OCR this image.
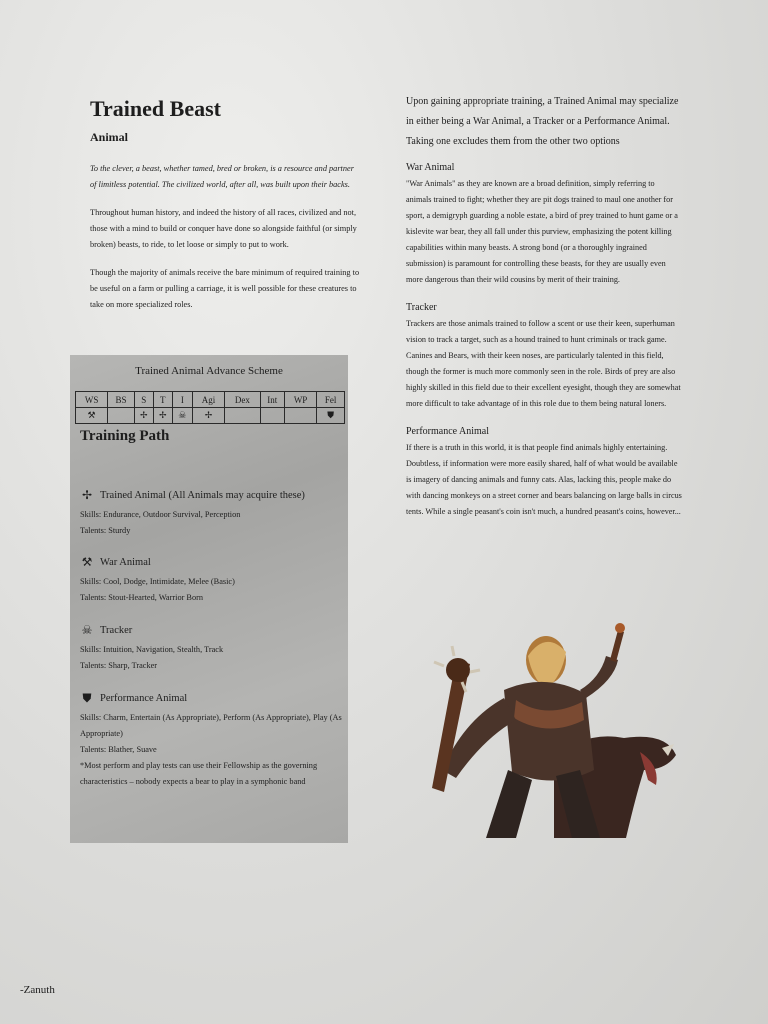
Trained Beast
Animal

To the clever, a beast, whether tamed, bred or broken, is a resource and partner of limitless potential. The civilized world, after all, was built upon their backs.

Throughout human history, and indeed the history of all races, civilized and not, those with a mind to build or conquer have done so alongside faithful (or simply broken) beasts, to ride, to let loose or simply to put to work.

Though the majority of animals receive the bare minimum of required training to be useful on a farm or pulling a carriage, it is well possible for these creatures to take on more specialized roles.

Trained Animal Advance Scheme
WS	BS	S	T	I	Agi	Dex	Int	WP	Fel
⚒		✢	✢	☠	✢				⛊
Training Path
✢ Trained Animal (All Animals may acquire these)
Skills: Endurance, Outdoor Survival, Perception
Talents: Sturdy
⚒ War Animal
Skills: Cool, Dodge, Intimidate, Melee (Basic)
Talents: Stout-Hearted, Warrior Born
☠ Tracker
Skills: Intuition, Navigation, Stealth, Track
Talents: Sharp, Tracker
⛊ Performance Animal
Skills: Charm, Entertain (As Appropriate), Perform (As Appropriate), Play (As Appropriate)
Talents: Blather, Suave
*Most perform and play tests can use their Fellowship as the governing characteristics – nobody expects a bear to play in a symphonic band

Upon gaining appropriate training, a Trained Animal may specialize in either being a War Animal, a Tracker or a Performance Animal. Taking one excludes them from the other two options

War Animal

"War Animals" as they are known are a broad definition, simply referring to animals trained to fight; whether they are pit dogs trained to maul one another for sport, a demigryph guarding a noble estate, a bird of prey trained to hunt game or a kislevite war bear, they all fall under this purview, emphasizing the potent killing capabilities within many beasts. A strong bond (or a thoroughly ingrained submission) is paramount for controlling these beasts, for they are usually even more dangerous than their wild cousins by merit of their training.

Tracker

Trackers are those animals trained to follow a scent or use their keen, superhuman vision to track a target, such as a hound trained to hunt criminals or track game. Canines and Bears, with their keen noses, are particularly talented in this field, though the former is much more commonly seen in the role. Birds of prey are also highly skilled in this field due to their excellent eyesight, though they are somewhat more difficult to take advantage of in this role due to them being natural loners.

Performance Animal

If there is a truth in this world, it is that people find animals highly entertaining. Doubtless, if information were more easily shared, half of what would be available is imagery of dancing animals and funny cats. Alas, lacking this, people make do with dancing monkeys on a street corner and bears balancing on large balls in circus tents. While a single peasant's coin isn't much, a hundred peasant's coins, however...

-Zanuth
